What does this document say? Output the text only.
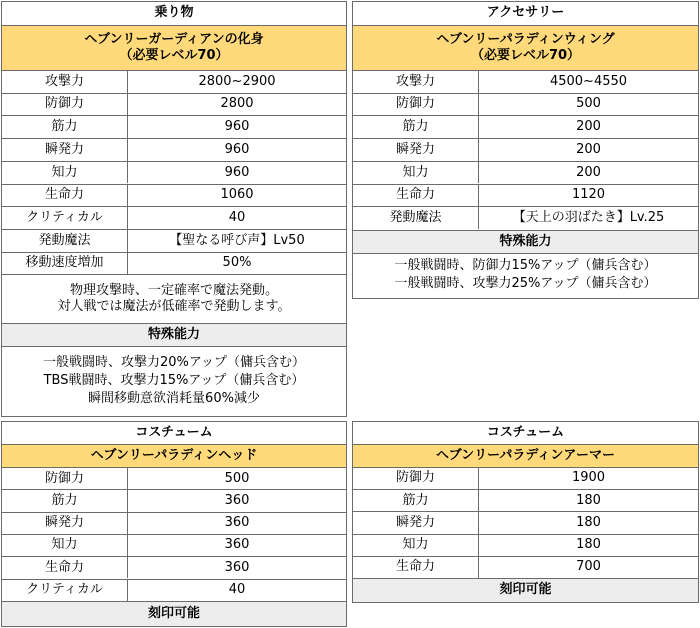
乗り物
ヘブンリーガーディアンの化身
（必要レベル70）
物理攻撃時、一定確率で魔法発動。
対人戦では魔法が低確率で発動します。
特殊能力
一般戦闘時、攻撃力20%アップ（傭兵含む）
TBS戦闘時、攻撃力15%アップ（傭兵含む）
瞬間移動意欲消耗量60%減少
攻撃力	2800~2900
防御力	2800
筋力	960
瞬発力	960
知力	960
生命力	1060
クリティカル	40
発動魔法	【聖なる呼び声】Lv50
移動速度増加	50%
アクセサリー
ヘブンリーパラディンウィング
（必要レベル70）
特殊能力
一般戦闘時、防御力15%アップ（傭兵含む）
一般戦闘時、攻撃力25%アップ（傭兵含む）
攻撃力	4500~4550
防御力	500
筋力	200
瞬発力	200
知力	200
生命力	1120
発動魔法	【天上の羽ばたき】Lv.25
コスチューム
ヘブンリーパラディンヘッド
刻印可能
防御力	500
筋力	360
瞬発力	360
知力	360
生命力	360
クリティカル	40
コスチューム
ヘブンリーパラディンアーマー
刻印可能
防御力	1900
筋力	180
瞬発力	180
知力	180
生命力	700
